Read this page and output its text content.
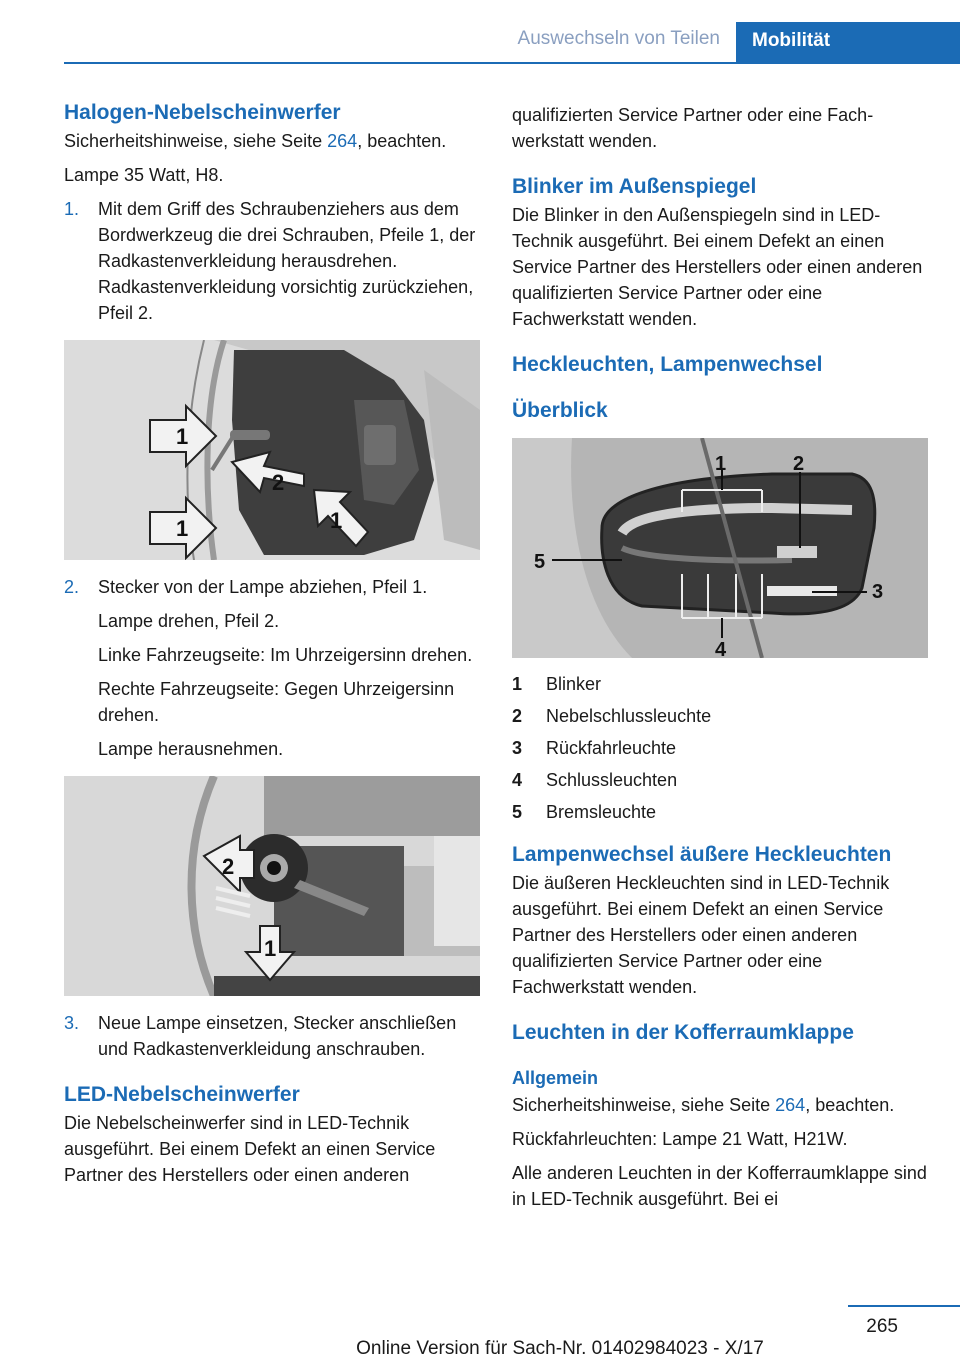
Auswechseln von Teilen	Mobilität
Halogen-Nebelscheinwerfer

Sicherheitshinweise, siehe Seite 264, beachten.

Lampe 35 Watt, H8.

1.	Mit dem Griff des Schraubenziehers aus dem Bordwerkzeug die drei Schrauben, Pfeile 1, der Radkastenverkleidung herausdrehen. Radkastenverkleidung vorsichtig zurückziehen, Pfeil 2.

1
2
1	1
2.	Stecker von der Lampe abziehen, Pfeil 1.

Lampe drehen, Pfeil 2.

Linke Fahrzeugseite: Im Uhrzeigersinn drehen.

Rechte Fahrzeugseite: Gegen Uhrzeigersinn drehen.

Lampe herausnehmen.

2
1
3.	Neue Lampe einsetzen, Stecker anschließen und Radkastenverkleidung anschrauben.

LED-Nebelscheinwerfer

Die Nebelscheinwerfer sind in LED-Technik ausgeführt. Bei einem Defekt an einen Service Partner des Herstellers oder einen anderen

qualifizierten Service Partner oder eine Fachwerkstatt wenden.

Blinker im Außenspiegel

Die Blinker in den Außenspiegeln sind in LED-Technik ausgeführt. Bei einem Defekt an einen Service Partner des Herstellers oder einen anderen qualifizierten Service Partner oder eine Fachwerkstatt wenden.

Heckleuchten, Lampenwechsel
Überblick
1	2
3
4
5
1	Blinker
2	Nebelschlussleuchte
3	Rückfahrleuchte
4	Schlussleuchten
5	Bremsleuchte
Lampenwechsel äußere Heckleuchten

Die äußeren Heckleuchten sind in LED-Technik ausgeführt. Bei einem Defekt an einen Service Partner des Herstellers oder einen anderen qualifizierten Service Partner oder eine Fachwerkstatt wenden.

Leuchten in der Kofferraumklappe
Allgemein

Sicherheitshinweise, siehe Seite 264, beachten.

Rückfahrleuchten: Lampe 21 Watt, H21W.

Alle anderen Leuchten in der Kofferraumklappe sind in LED-Technik ausgeführt. Bei ei

265
Online Version für Sach-Nr. 01402984023 - X/17
